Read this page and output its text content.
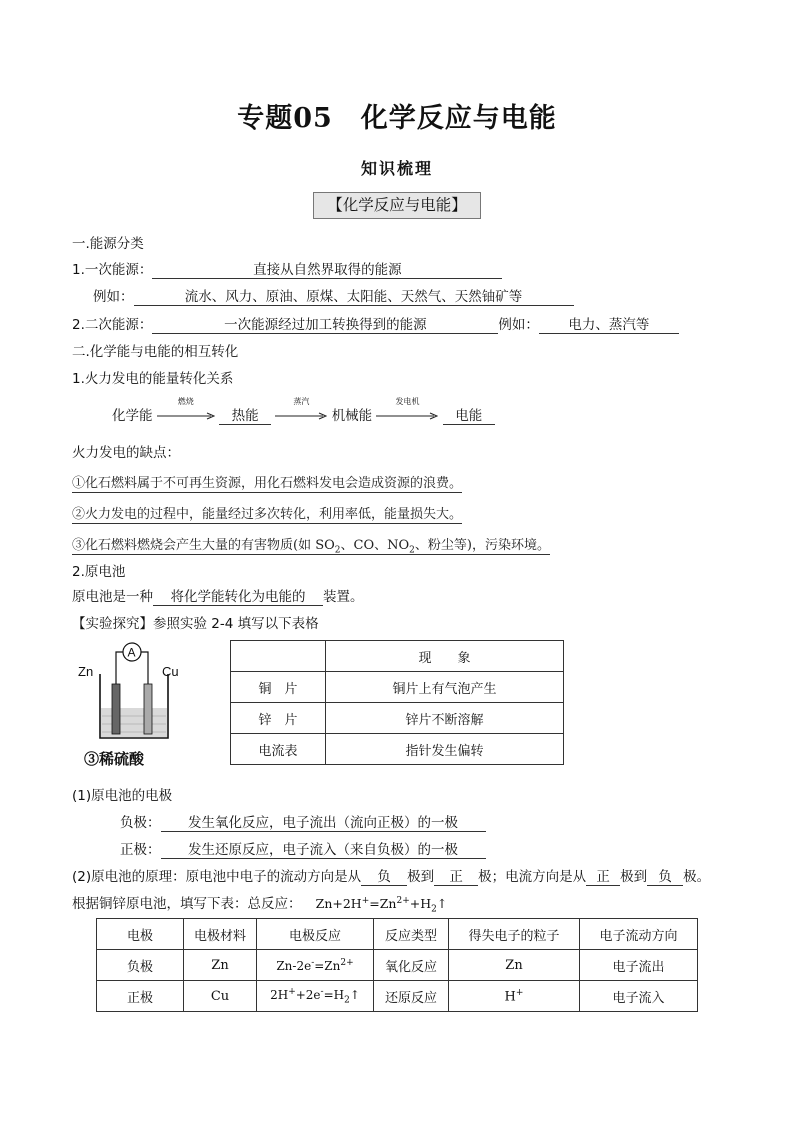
专题05　化学反应与电能
知识梳理
【化学反应与电能】
一.能源分类
1.一次能源：	直接从自然界取得的能源
例如：	流水、风力、原油、原煤、太阳能、天然气、天然铀矿等
2.二次能源：	一次能源经过加工转换得到的能源	例如： 电力、蒸汽等
二.化学能与电能的相互转化
1.火力发电的能量转化关系
化学能
燃烧
热能
蒸汽
机械能
发电机
电能
火力发电的缺点：
①化石燃料属于不可再生资源，用化石燃料发电会造成资源的浪费。
②火力发电的过程中，能量经过多次转化，利用率低，能量损失大。
③化石燃料燃烧会产生大量的有害物质(如 $SO_2$、CO、$NO_2$、粉尘等)，污染环境。
2.原电池
原电池是一种 将化学能转化为电能的 装置。
【实验探究】参照实验 2-4 填写以下表格
Zn	Cu
A
③稀硫酸
	现　　象
铜　片	铜片上有气泡产生
锌　片	锌片不断溶解
电流表	指针发生偏转
(1)原电池的电极
负极： 发生氧化反应，电子流出（流向正极）的一极
正极： 发生还原反应，电子流入（来自负极）的一极
(2)原电池的原理：原电池中电子的流动方向是从 负 极到 正 极；电流方向是从 正 极到 负 极。
根据铜锌原电池，填写下表：总反应： $Zn+2H^+=Zn^{2+}+H_2↑$
电极	电极材料	电极反应	反应类型	得失电子的粒子	电子流动方向
负极	Zn	$Zn-2e^-=Zn^{2+}$	氧化反应	Zn	电子流出
正极	Cu	$2H^++2e^-=H_2↑$	还原反应	H+	电子流入
